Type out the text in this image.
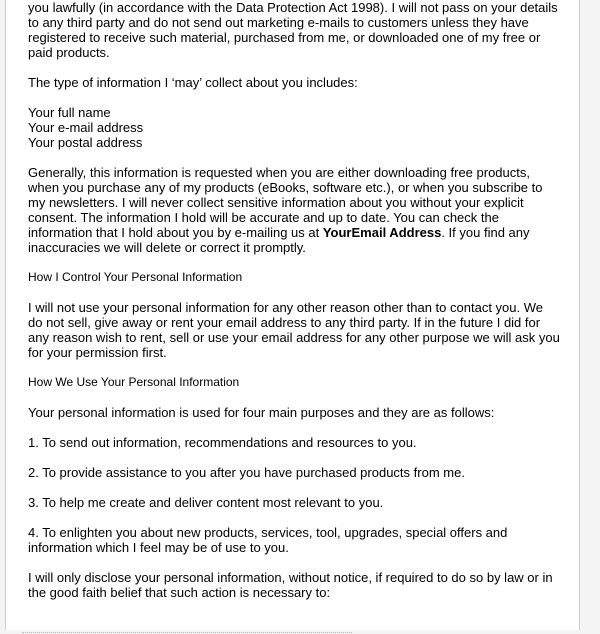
you lawfully (in accordance with the Data Protection Act 1998). I will not pass on your details to any third party and do not send out marketing e-mails to customers unless they have registered to receive such material, purchased from me, or downloaded one of my free or paid products.

The type of information I ‘may’ collect about you includes:

Your full name
Your e-mail address
Your postal address

Generally, this information is requested when you are either downloading free products, when you purchase any of my products (eBooks, software etc.), or when you subscribe to my newsletters. I will never collect sensitive information about you without your explicit consent. The information I hold will be accurate and up to date. You can check the information that I hold about you by e-mailing us at YourEmail Address. If you find any inaccuracies we will delete or correct it promptly.

How I Control Your Personal Information

I will not use your personal information for any other reason other than to contact you. We do not sell, give away or rent your email address to any third party. If in the future I did for any reason wish to rent, sell or use your email address for any other purpose we will ask you for your permission first.

How We Use Your Personal Information

Your personal information is used for four main purposes and they are as follows:

1. To send out information, recommendations and resources to you.

2. To provide assistance to you after you have purchased products from me.

3. To help me create and deliver content most relevant to you.

4. To enlighten you about new products, services, tool, upgrades, special offers and information which I feel may be of use to you.

I will only disclose your personal information, without notice, if required to do so by law or in the good faith belief that such action is necessary to:
